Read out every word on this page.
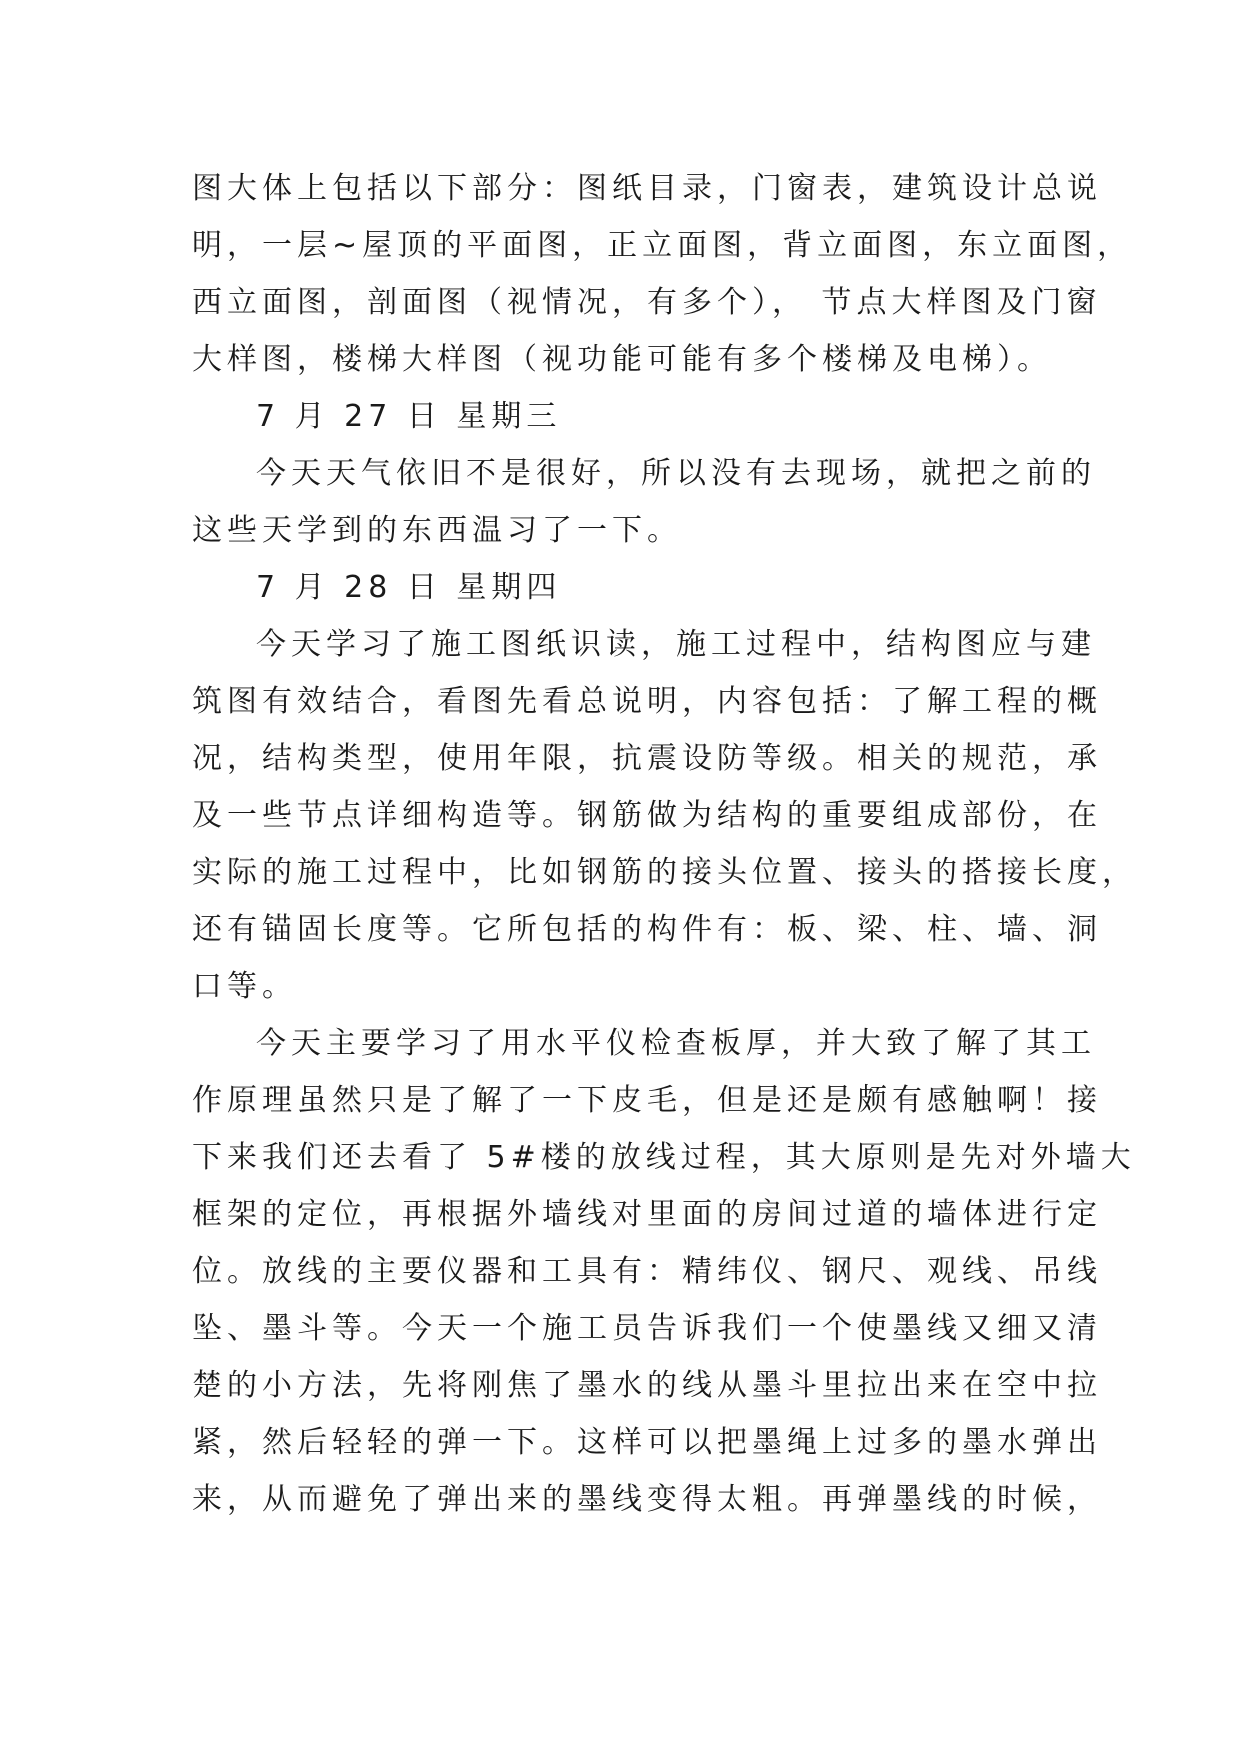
图大体上包括以下部分：图纸目录，门窗表，建筑设计总说
明，一层~屋顶的平面图，正立面图，背立面图，东立面图，
西立面图，剖面图（视情况，有多个）， 节点大样图及门窗
大样图，楼梯大样图（视功能可能有多个楼梯及电梯）。
7 月 27 日 星期三
今天天气依旧不是很好，所以没有去现场，就把之前的
这些天学到的东西温习了一下。
7 月 28 日 星期四
今天学习了施工图纸识读，施工过程中，结构图应与建
筑图有效结合，看图先看总说明，内容包括：了解工程的概
况，结构类型，使用年限，抗震设防等级。相关的规范，承
及一些节点详细构造等。钢筋做为结构的重要组成部份，在
实际的施工过程中，比如钢筋的接头位置、接头的搭接长度，
还有锚固长度等。它所包括的构件有：板、梁、柱、墙、洞
口等。
今天主要学习了用水平仪检查板厚，并大致了解了其工
作原理虽然只是了解了一下皮毛，但是还是颇有感触啊！接
下来我们还去看了 5#楼的放线过程，其大原则是先对外墙大
框架的定位，再根据外墙线对里面的房间过道的墙体进行定
位。放线的主要仪器和工具有：精纬仪、钢尺、观线、吊线
坠、墨斗等。今天一个施工员告诉我们一个使墨线又细又清
楚的小方法，先将刚焦了墨水的线从墨斗里拉出来在空中拉
紧，然后轻轻的弹一下。这样可以把墨绳上过多的墨水弹出
来，从而避免了弹出来的墨线变得太粗。再弹墨线的时候，
